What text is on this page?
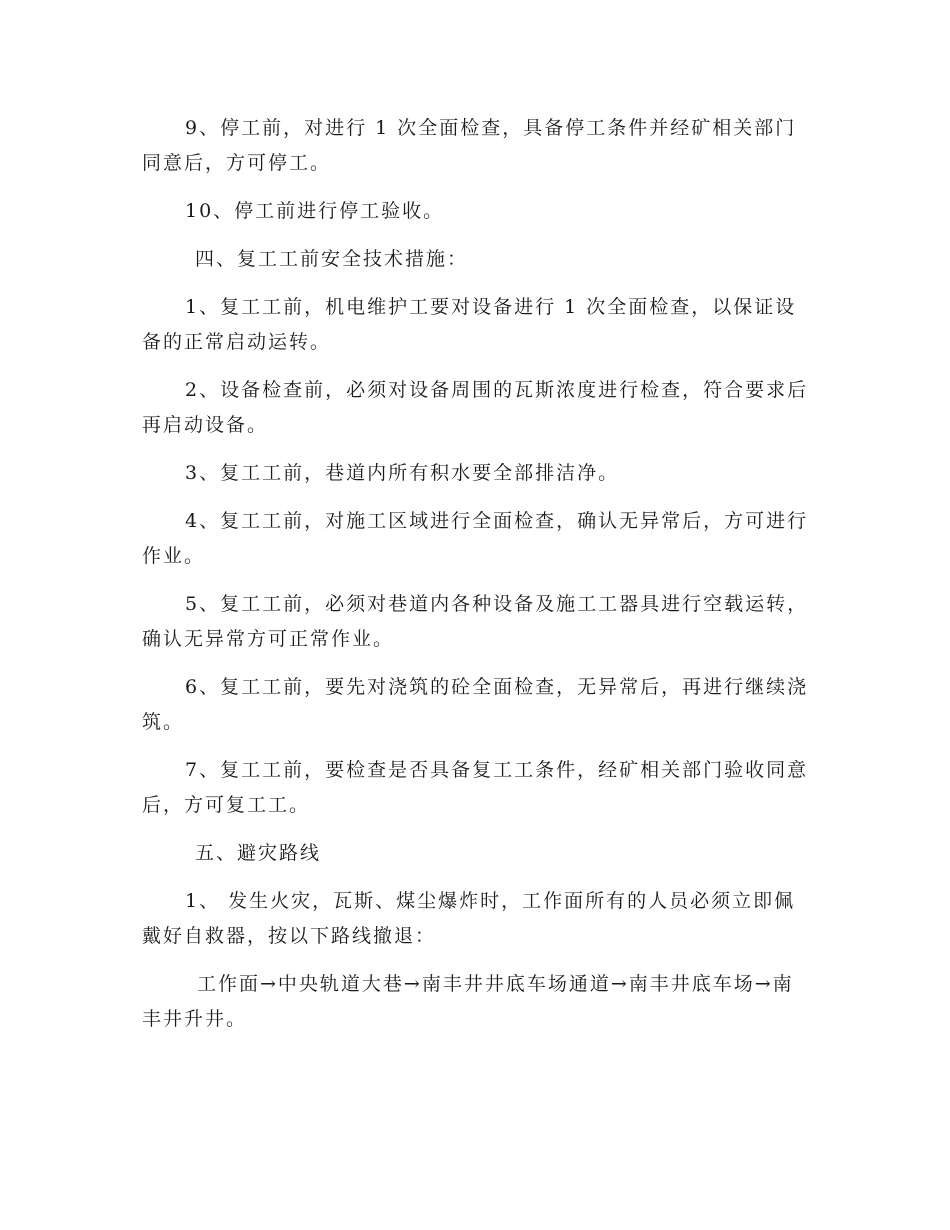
9、停工前，对进行 1 次全面检查，具备停工条件并经矿相关部门同意后，方可停工。

10、停工前进行停工验收。

四、复工工前安全技术措施：

1、复工工前，机电维护工要对设备进行 1 次全面检查，以保证设备的正常启动运转。

2、设备检查前，必须对设备周围的瓦斯浓度进行检查，符合要求后再启动设备。

3、复工工前，巷道内所有积水要全部排洁净。

4、复工工前，对施工区域进行全面检查，确认无异常后，方可进行作业。

5、复工工前，必须对巷道内各种设备及施工工器具进行空载运转，确认无异常方可正常作业。

6、复工工前，要先对浇筑的砼全面检查，无异常后，再进行继续浇筑。

7、复工工前，要检查是否具备复工工条件，经矿相关部门验收同意后，方可复工工。

五、避灾路线

1、 发生火灾，瓦斯、煤尘爆炸时，工作面所有的人员必须立即佩戴好自救器，按以下路线撤退：

工作面→中央轨道大巷→南丰井井底车场通道→南丰井底车场→南丰井升井。
